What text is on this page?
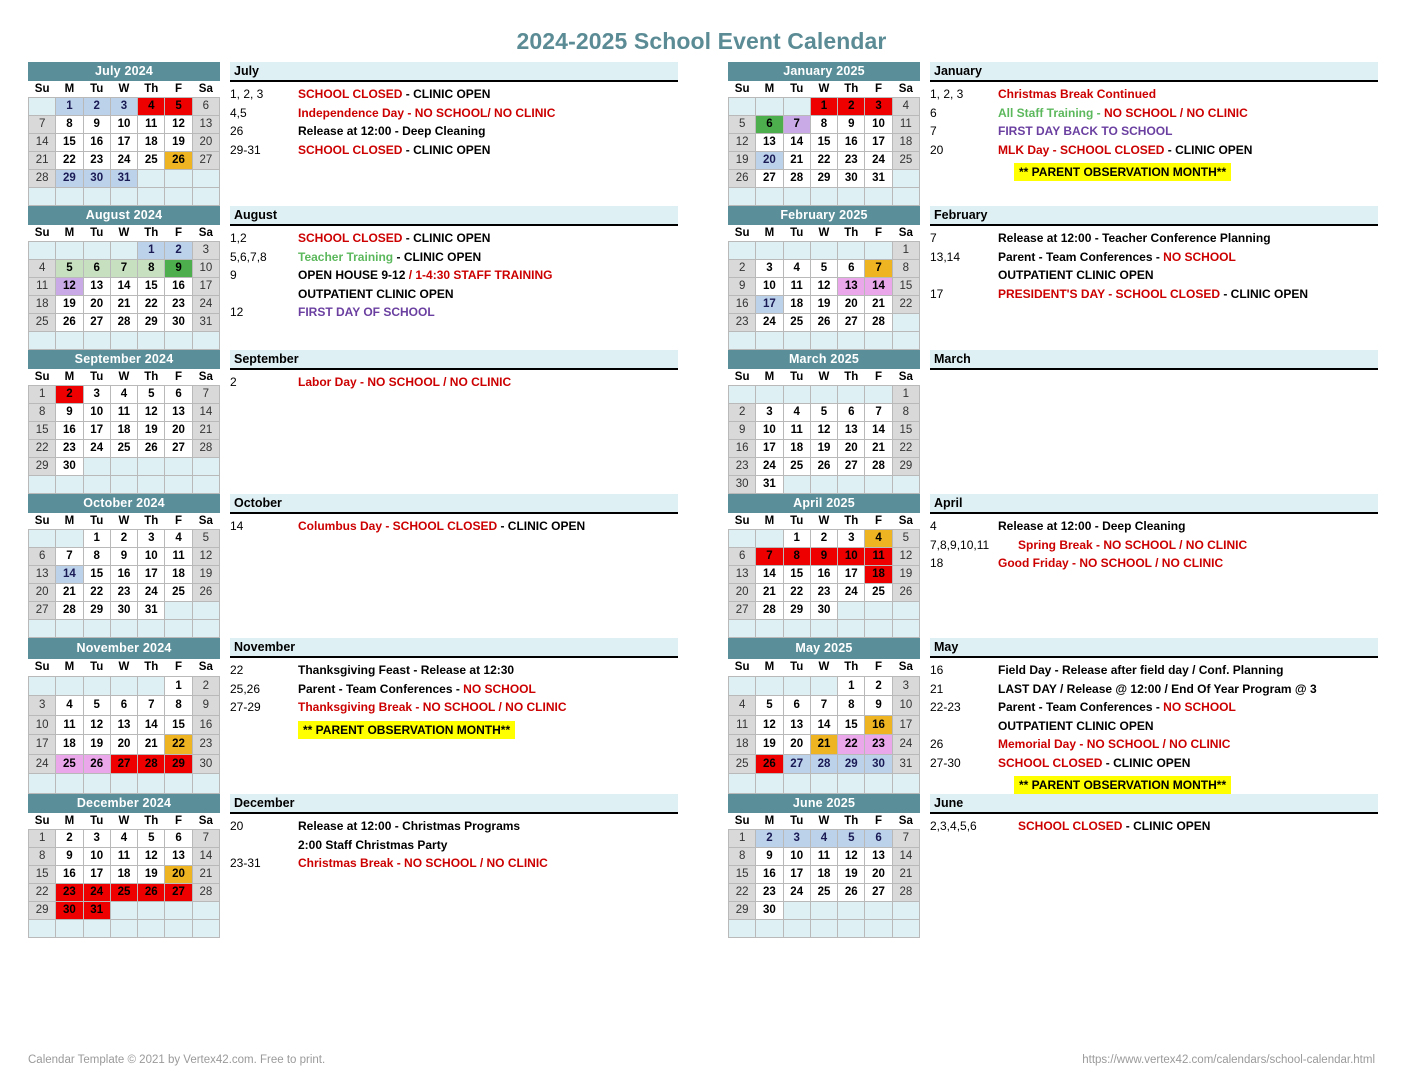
2024-2025 School Event Calendar
July 2024						
Su	M	Tu	W	Th	F	Sa
	1	2	3	4	5	6
7	8	9	10	11	12	13
14	15	16	17	18	19	20
21	22	23	24	25	26	27
28	29	30	31			

July
1, 2, 3	SCHOOL CLOSED - CLINIC OPEN
4,5	Independence Day - NO SCHOOL/ NO CLINIC
26	Release at 12:00 - Deep Cleaning
29-31	SCHOOL CLOSED - CLINIC OPEN
January 2025						
Su	M	Tu	W	Th	F	Sa
			1	2	3	4
5	6	7	8	9	10	11
12	13	14	15	16	17	18
19	20	21	22	23	24	25
26	27	28	29	30	31	

January
1, 2, 3	Christmas Break Continued
6	All Staff Training - NO SCHOOL / NO CLINIC
7	FIRST DAY BACK TO SCHOOL
20	MLK Day - SCHOOL CLOSED - CLINIC OPEN
** PARENT OBSERVATION MONTH**
August 2024						
Su	M	Tu	W	Th	F	Sa
				1	2	3
4	5	6	7	8	9	10
11	12	13	14	15	16	17
18	19	20	21	22	23	24
25	26	27	28	29	30	31

August
1,2	SCHOOL CLOSED - CLINIC OPEN
5,6,7,8	Teacher Training - CLINIC OPEN
9	OPEN HOUSE 9-12 / 1-4:30 STAFF TRAINING
OUTPATIENT CLINIC OPEN
12	FIRST DAY OF SCHOOL
February 2025						
Su	M	Tu	W	Th	F	Sa
						1
2	3	4	5	6	7	8
9	10	11	12	13	14	15
16	17	18	19	20	21	22
23	24	25	26	27	28	

February
7	Release at 12:00 - Teacher Conference Planning
13,14	Parent - Team Conferences - NO SCHOOL
OUTPATIENT CLINIC OPEN
17	PRESIDENT'S DAY - SCHOOL CLOSED - CLINIC OPEN
September 2024						
Su	M	Tu	W	Th	F	Sa
1	2	3	4	5	6	7
8	9	10	11	12	13	14
15	16	17	18	19	20	21
22	23	24	25	26	27	28
29	30					

September
2	Labor Day - NO SCHOOL / NO CLINIC
March 2025						
Su	M	Tu	W	Th	F	Sa
						1
2	3	4	5	6	7	8
9	10	11	12	13	14	15
16	17	18	19	20	21	22
23	24	25	26	27	28	29
30	31					
March
October 2024						
Su	M	Tu	W	Th	F	Sa
		1	2	3	4	5
6	7	8	9	10	11	12
13	14	15	16	17	18	19
20	21	22	23	24	25	26
27	28	29	30	31		

October
14	Columbus Day - SCHOOL CLOSED - CLINIC OPEN
April 2025						
Su	M	Tu	W	Th	F	Sa
		1	2	3	4	5
6	7	8	9	10	11	12
13	14	15	16	17	18	19
20	21	22	23	24	25	26
27	28	29	30			

April
4	Release at 12:00 - Deep Cleaning
7,8,9,10,11	Spring Break - NO SCHOOL / NO CLINIC
18	Good Friday - NO SCHOOL / NO CLINIC
November 2024						
Su	M	Tu	W	Th	F	Sa
					1	2
3	4	5	6	7	8	9
10	11	12	13	14	15	16
17	18	19	20	21	22	23
24	25	26	27	28	29	30

November
22	Thanksgiving Feast - Release at 12:30
25,26	Parent - Team Conferences - NO SCHOOL
27-29	Thanksgiving Break - NO SCHOOL / NO CLINIC
** PARENT OBSERVATION MONTH**
May 2025						
Su	M	Tu	W	Th	F	Sa
				1	2	3
4	5	6	7	8	9	10
11	12	13	14	15	16	17
18	19	20	21	22	23	24
25	26	27	28	29	30	31

May
16	Field Day - Release after field day / Conf. Planning
21	LAST DAY / Release @ 12:00 / End Of Year Program @ 3
22-23	Parent - Team Conferences - NO SCHOOL
OUTPATIENT CLINIC OPEN
26	Memorial Day - NO SCHOOL / NO CLINIC
27-30	SCHOOL CLOSED - CLINIC OPEN
** PARENT OBSERVATION MONTH**
December 2024						
Su	M	Tu	W	Th	F	Sa
1	2	3	4	5	6	7
8	9	10	11	12	13	14
15	16	17	18	19	20	21
22	23	24	25	26	27	28
29	30	31				

December
20	Release at 12:00 - Christmas Programs
2:00 Staff Christmas Party
23-31	Christmas Break - NO SCHOOL / NO CLINIC
June 2025						
Su	M	Tu	W	Th	F	Sa
1	2	3	4	5	6	7
8	9	10	11	12	13	14
15	16	17	18	19	20	21
22	23	24	25	26	27	28
29	30					

June
2,3,4,5,6	SCHOOL CLOSED - CLINIC OPEN
Calendar Template © 2021 by Vertex42.com. Free to print.	https://www.vertex42.com/calendars/school-calendar.html
